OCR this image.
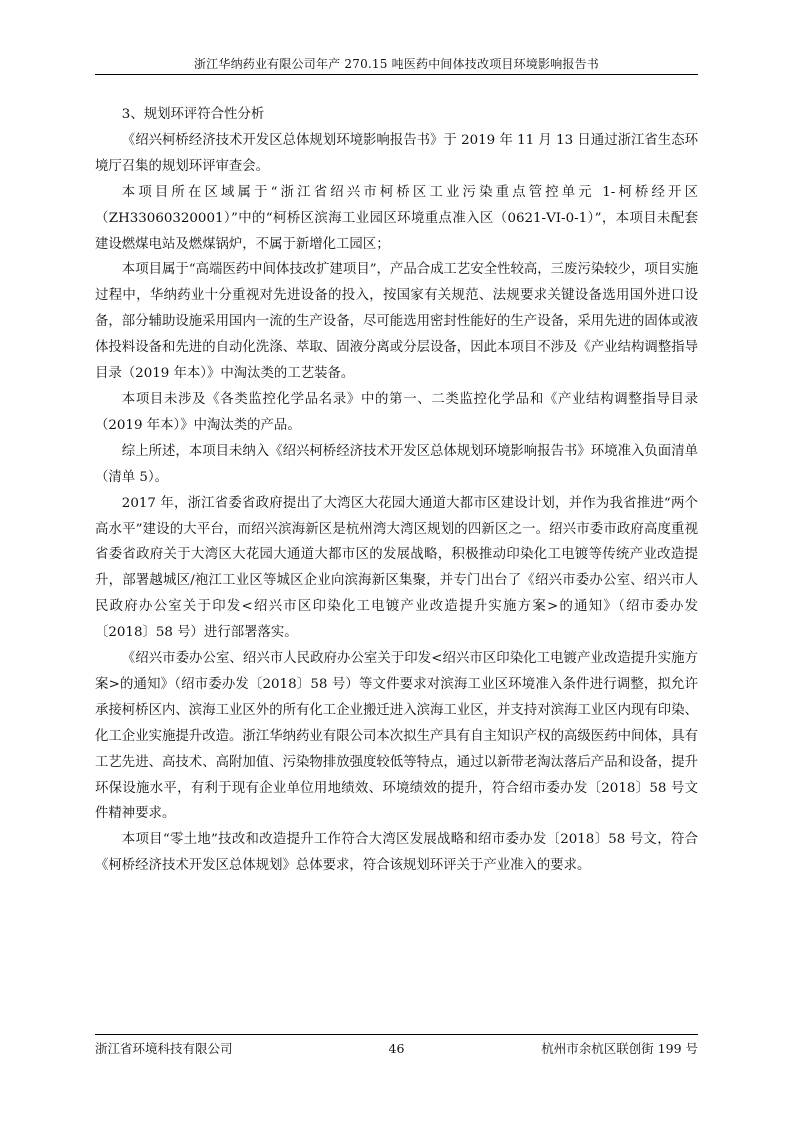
浙江华纳药业有限公司年产 270.15 吨医药中间体技改项目环境影响报告书

3、规划环评符合性分析

《绍兴柯桥经济技术开发区总体规划环境影响报告书》于 2019 年 11 月 13 日通过浙江省生态环境厅召集的规划环评审查会。

本项目所在区域属于“浙江省绍兴市柯桥区工业污染重点管控单元 1-柯桥经开区（ZH33060320001）”中的“柯桥区滨海工业园区环境重点准入区（0621-VI-0-1）”，本项目未配套建设燃煤电站及燃煤锅炉，不属于新增化工园区；

本项目属于“高端医药中间体技改扩建项目”，产品合成工艺安全性较高，三废污染较少，项目实施过程中，华纳药业十分重视对先进设备的投入，按国家有关规范、法规要求关键设备选用国外进口设备，部分辅助设施采用国内一流的生产设备，尽可能选用密封性能好的生产设备，采用先进的固体或液体投料设备和先进的自动化洗涤、萃取、固液分离或分层设备，因此本项目不涉及《产业结构调整指导目录（2019 年本）》中淘汰类的工艺装备。

本项目未涉及《各类监控化学品名录》中的第一、二类监控化学品和《产业结构调整指导目录（2019 年本）》中淘汰类的产品。

综上所述，本项目未纳入《绍兴柯桥经济技术开发区总体规划环境影响报告书》环境准入负面清单（清单 5）。

2017 年，浙江省委省政府提出了大湾区大花园大通道大都市区建设计划，并作为我省推进“两个高水平”建设的大平台，而绍兴滨海新区是杭州湾大湾区规划的四新区之一。绍兴市委市政府高度重视省委省政府关于大湾区大花园大通道大都市区的发展战略，积极推动印染化工电镀等传统产业改造提升，部署越城区/袍江工业区等城区企业向滨海新区集聚，并专门出台了《绍兴市委办公室、绍兴市人民政府办公室关于印发<绍兴市区印染化工电镀产业改造提升实施方案>的通知》（绍市委办发〔2018〕58 号）进行部署落实。

《绍兴市委办公室、绍兴市人民政府办公室关于印发<绍兴市区印染化工电镀产业改造提升实施方案>的通知》（绍市委办发〔2018〕58 号）等文件要求对滨海工业区环境准入条件进行调整，拟允许承接柯桥区内、滨海工业区外的所有化工企业搬迁进入滨海工业区，并支持对滨海工业区内现有印染、化工企业实施提升改造。浙江华纳药业有限公司本次拟生产具有自主知识产权的高级医药中间体，具有工艺先进、高技术、高附加值、污染物排放强度较低等特点，通过以新带老淘汰落后产品和设备，提升环保设施水平，有利于现有企业单位用地绩效、环境绩效的提升，符合绍市委办发〔2018〕58 号文件精神要求。

本项目“零土地”技改和改造提升工作符合大湾区发展战略和绍市委办发〔2018〕58 号文，符合《柯桥经济技术开发区总体规划》总体要求，符合该规划环评关于产业准入的要求。

浙江省环境科技有限公司	46	杭州市余杭区联创街 199 号
